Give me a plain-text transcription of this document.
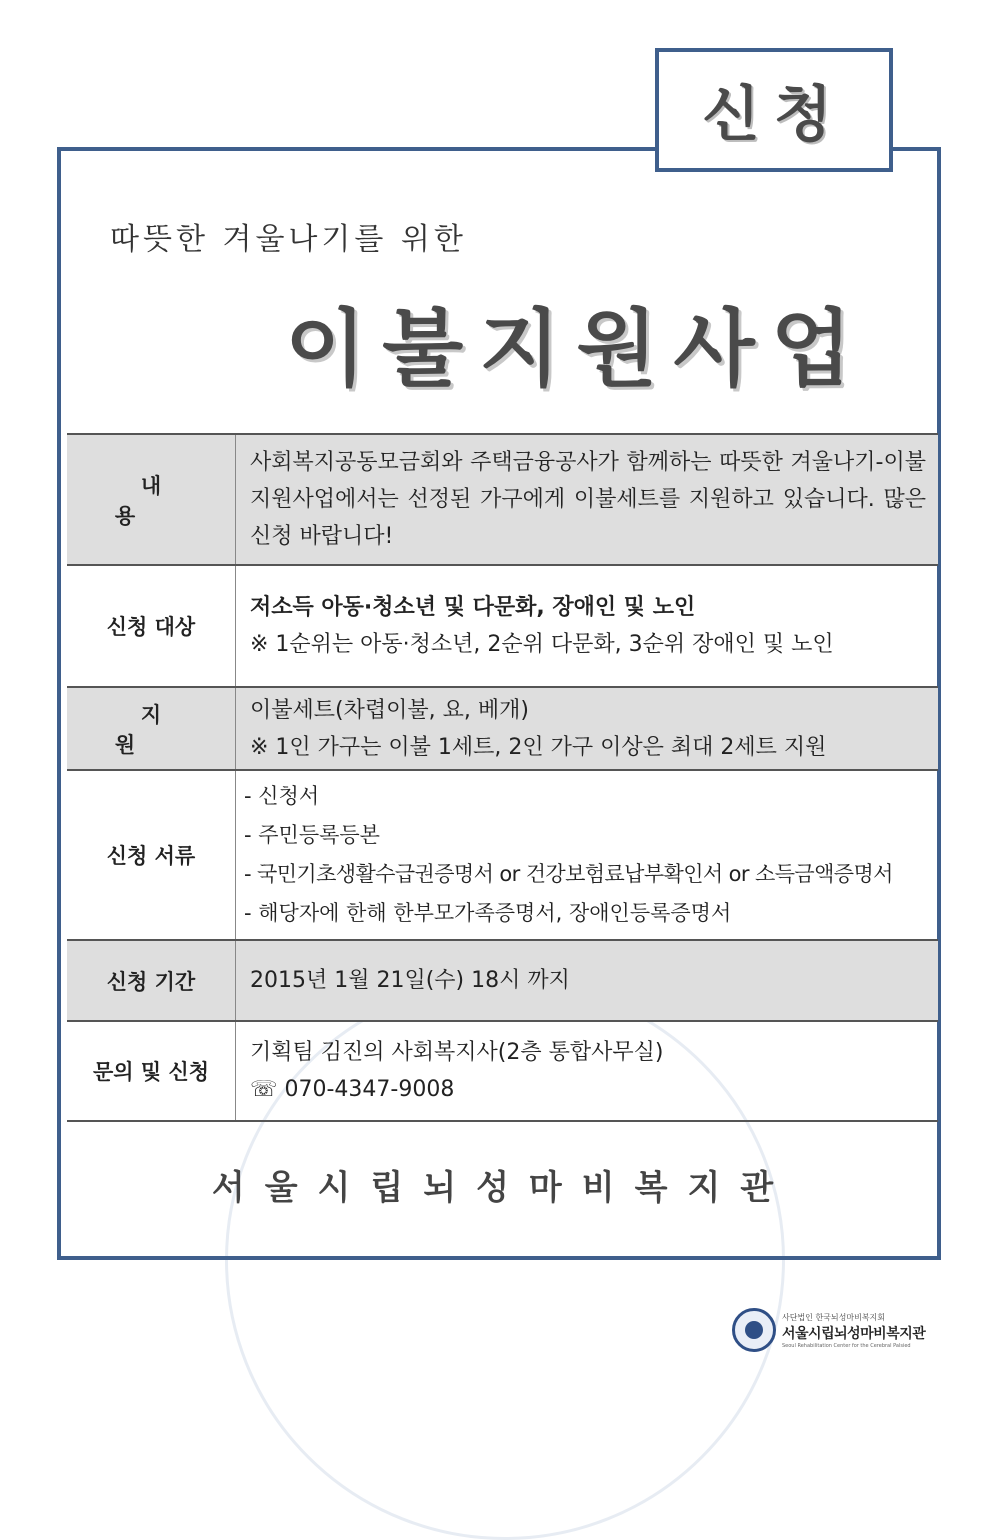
신청
따뜻한 겨울나기를 위한
이불지원사업
내 용	사회복지공동모금회와 주택금융공사가 함께하는 따뜻한 겨울나기-이불지원사업에서는 선정된 가구에게 이불세트를 지원하고 있습니다. 많은 신청 바랍니다!
신청 대상	저소득 아동·청소년 및 다문화, 장애인 및 노인
※ 1순위는 아동·청소년, 2순위 다문화, 3순위 장애인 및 노인

지 원	이불세트(차렵이불, 요, 베개)
※ 1인 가구는 이불 1세트, 2인 가구 이상은 최대 2세트 지원

신청 서류	- 신청서
- 주민등록등본
- 국민기초생활수급권증명서 or 건강보험료납부확인서 or 소득금액증명서
- 해당자에 한해 한부모가족증명서, 장애인등록증명서

신청 기간	2015년 1월 21일(수) 18시 까지
문의 및 신청	기획팀 김진의 사회복지사(2층 통합사무실)
☏ 070-4347-9008
서울시립뇌성마비복지관
사단법인 한국뇌성마비복지회
서울시립뇌성마비복지관
Seoul Rehabilitation Center for the Cerebral Palsied
